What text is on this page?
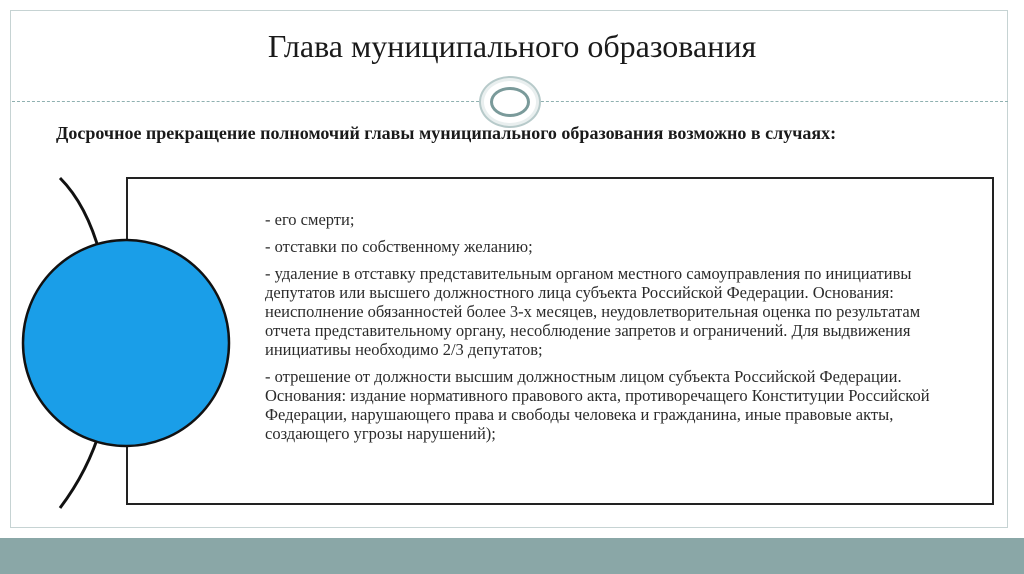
Глава муниципального образования
Досрочное прекращение полномочий главы муниципального образования возможно в случаях:
- его смерти;
- отставки по собственному желанию;
- удаление в отставку представительным органом местного самоуправления по инициативы депутатов или высшего должностного лица субъекта Российской Федерации. Основания: неисполнение обязанностей более 3-х месяцев, неудовлетворительная оценка по результатам отчета представительному органу, несоблюдение запретов и ограничений. Для выдвижения инициативы необходимо 2/3 депутатов;
- отрешение от должности высшим должностным лицом субъекта Российской Федерации. Основания: издание нормативного правового акта, противоречащего Конституции Российской Федерации, нарушающего права и свободы человека и гражданина, иные правовые акты, создающего угрозы нарушений);
